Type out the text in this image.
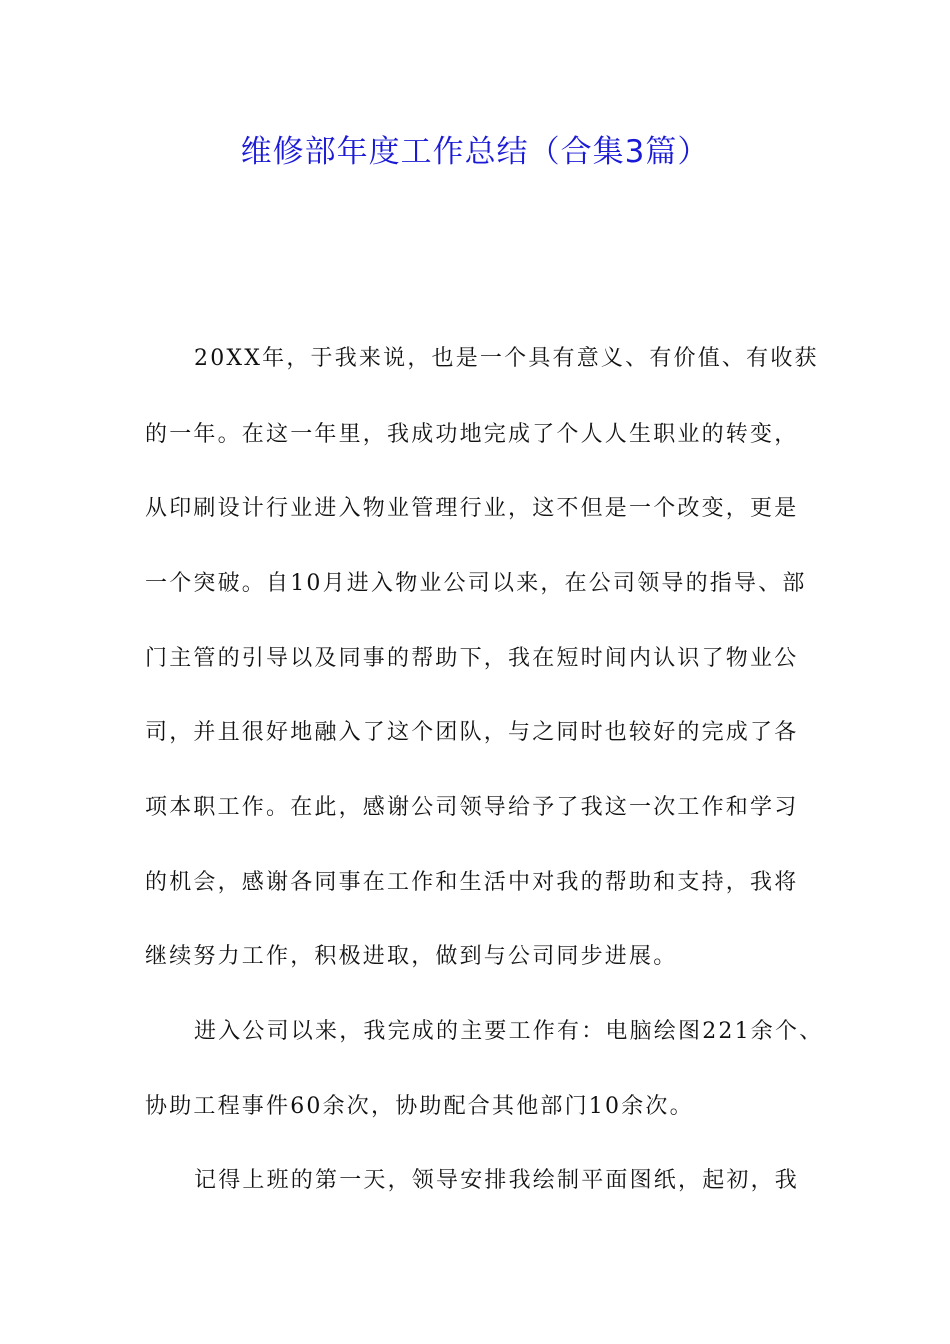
维修部年度工作总结（合集3篇）

20XX年，于我来说，也是一个具有意义、有价值、有收获

的一年。在这一年里，我成功地完成了个人人生职业的转变，

从印刷设计行业进入物业管理行业，这不但是一个改变，更是

一个突破。自10月进入物业公司以来，在公司领导的指导、部

门主管的引导以及同事的帮助下，我在短时间内认识了物业公

司，并且很好地融入了这个团队，与之同时也较好的完成了各

项本职工作。在此，感谢公司领导给予了我这一次工作和学习

的机会，感谢各同事在工作和生活中对我的帮助和支持，我将

继续努力工作，积极进取，做到与公司同步进展。

进入公司以来，我完成的主要工作有：电脑绘图221余个、

协助工程事件60余次，协助配合其他部门10余次。

记得上班的第一天，领导安排我绘制平面图纸，起初，我
